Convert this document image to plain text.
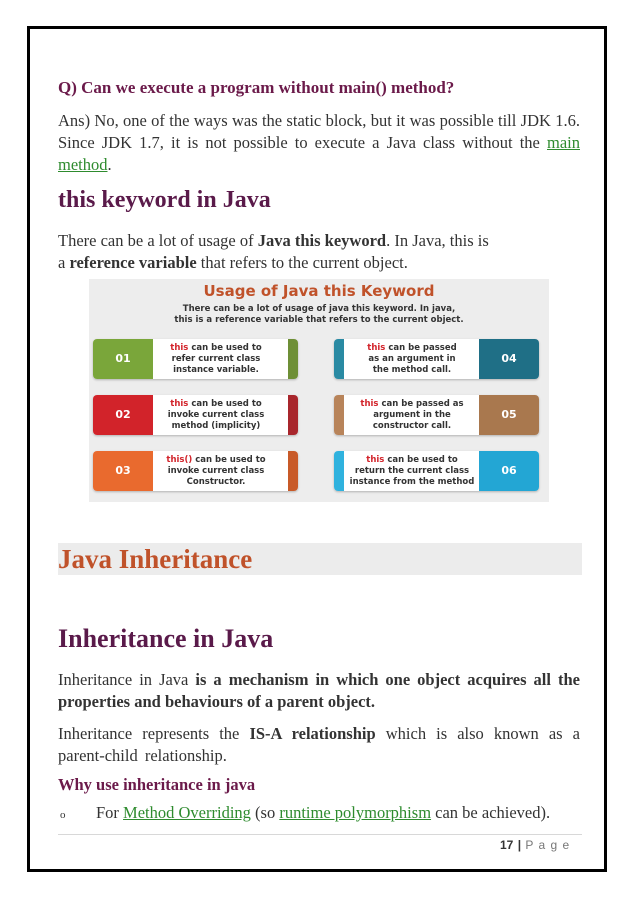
Q) Can we execute a program without main() method?
Ans) No, one of the ways was the static block, but it was possible till JDK 1.6. Since JDK 1.7, it is not possible to execute a Java class without the main method.
this keyword in Java
There can be a lot of usage of Java this keyword. In Java, this is
a reference variable that refers to the current object.
Usage of Java this Keyword
There can be a lot of usage of java this keyword. In java,
this is a reference variable that refers to the current object.
01
this can be used to
refer current class
instance variable.
02
this can be used to
invoke current class
method (implicity)
03
this() can be used to
invoke current class
Constructor.
this can be passed
as an argument in
the method call.
04
this can be passed as
argument in the
constructor call.
05
this can be used to
return the current class
instance from the method
06
Java Inheritance
Inheritance in Java
Inheritance in Java is a mechanism in which one object acquires all the properties and behaviours of a parent object.
Inheritance represents the IS-A relationship which is also known as a parent-child relationship.
Why use inheritance in java
o For Method Overriding (so runtime polymorphism can be achieved).
17 | P a g e
